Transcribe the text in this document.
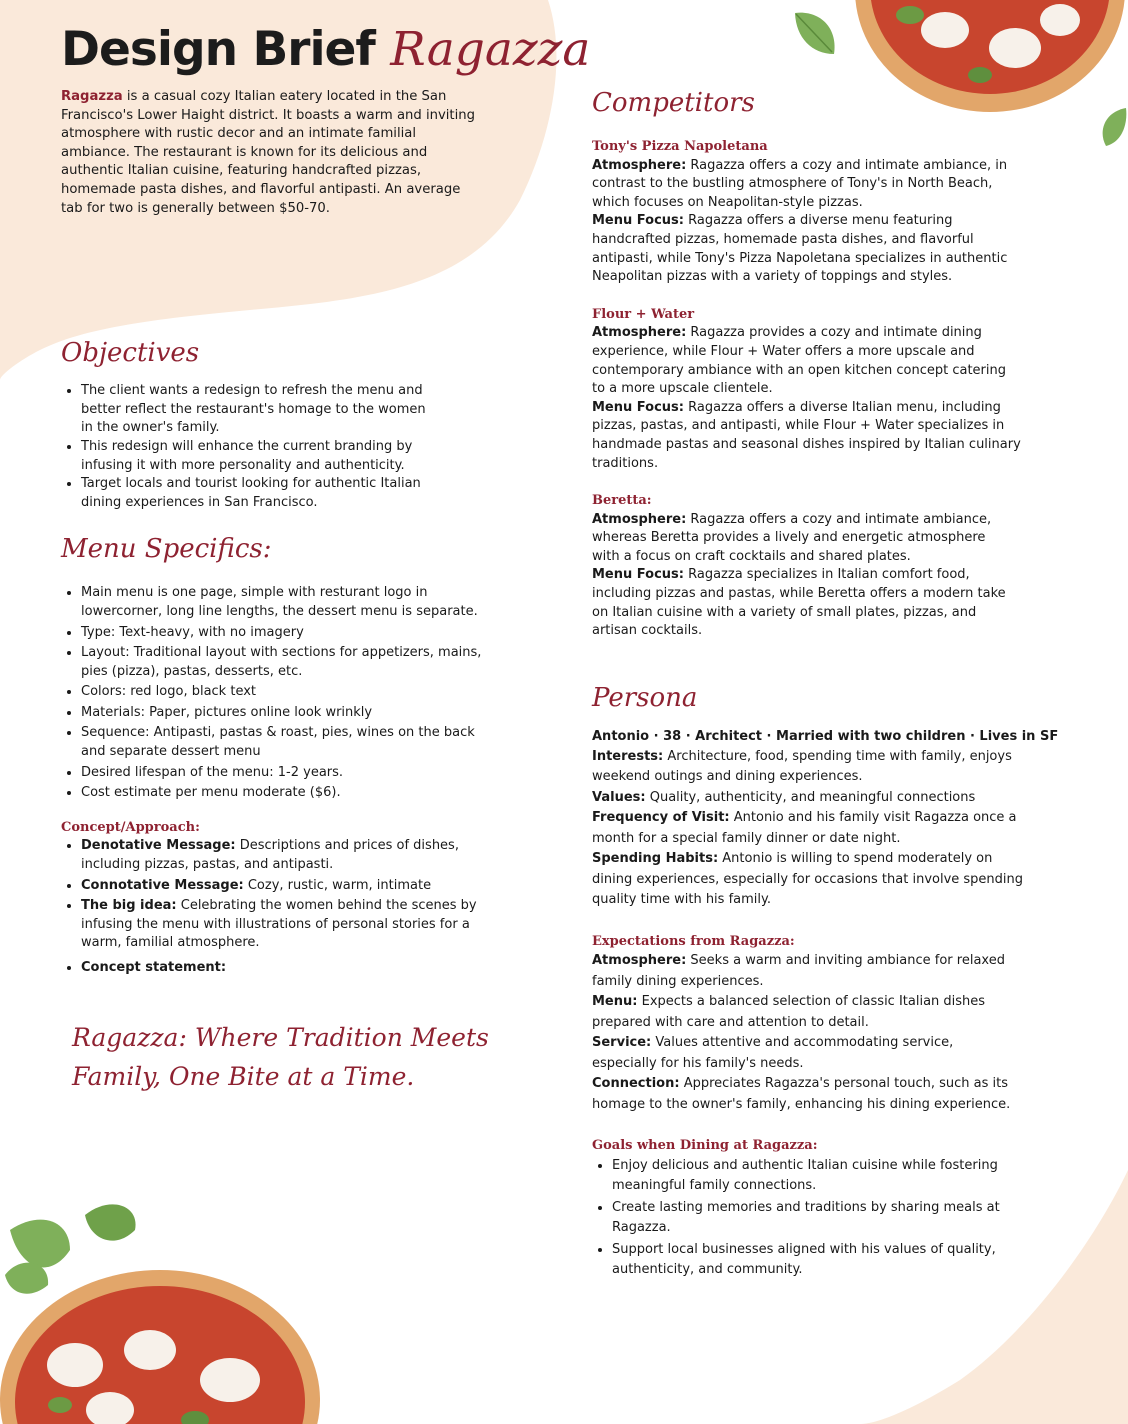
Design Brief Ragazza

Ragazza is a casual cozy Italian eatery located in the San Francisco's Lower Haight district. It boasts a warm and inviting atmosphere with rustic decor and an intimate familial ambiance. The restaurant is known for its delicious and authentic Italian cuisine, featuring handcrafted pizzas, homemade pasta dishes, and flavorful antipasti. An average tab for two is generally between $50-70.

Objectives
• The client wants a redesign to refresh the menu and better reflect the restaurant's homage to the women in the owner's family.
• This redesign will enhance the current branding by infusing it with more personality and authenticity.
• Target locals and tourist looking for authentic Italian dining experiences in San Francisco.
Menu Specifics:
• Main menu is one page, simple with resturant logo in lowercorner, long line lengths, the dessert menu is separate.
• Type: Text-heavy, with no imagery
• Layout: Traditional layout with sections for appetizers, mains, pies (pizza), pastas, desserts, etc.
• Colors: red logo, black text
• Materials: Paper, pictures online look wrinkly
• Sequence: Antipasti, pastas & roast, pies, wines on the back and separate dessert menu
• Desired lifespan of the menu: 1-2 years.
• Cost estimate per menu moderate ($6).

Concept/Approach:

• Denotative Message: Descriptions and prices of dishes, including pizzas, pastas, and antipasti.
• Connotative Message: Cozy, rustic, warm, intimate
• The big idea: Celebrating the women behind the scenes by infusing the menu with illustrations of personal stories for a warm, familial atmosphere.
• Concept statement:

Ragazza: Where Tradition Meets Family, One Bite at a Time.

Competitors

Tony's Pizza Napoletana

Atmosphere: Ragazza offers a cozy and intimate ambiance, in contrast to the bustling atmosphere of Tony's in North Beach, which focuses on Neapolitan-style pizzas.

Menu Focus: Ragazza offers a diverse menu featuring handcrafted pizzas, homemade pasta dishes, and flavorful antipasti, while Tony's Pizza Napoletana specializes in authentic Neapolitan pizzas with a variety of toppings and styles.

Flour + Water

Atmosphere: Ragazza provides a cozy and intimate dining experience, while Flour + Water offers a more upscale and contemporary ambiance with an open kitchen concept catering to a more upscale clientele.

Menu Focus: Ragazza offers a diverse Italian menu, including pizzas, pastas, and antipasti, while Flour + Water specializes in handmade pastas and seasonal dishes inspired by Italian culinary traditions.

Beretta:

Atmosphere: Ragazza offers a cozy and intimate ambiance, whereas Beretta provides a lively and energetic atmosphere with a focus on craft cocktails and shared plates.

Menu Focus: Ragazza specializes in Italian comfort food, including pizzas and pastas, while Beretta offers a modern take on Italian cuisine with a variety of small plates, pizzas, and artisan cocktails.

Persona

Antonio · 38 · Architect · Married with two children · Lives in SF

Interests: Architecture, food, spending time with family, enjoys weekend outings and dining experiences.

Values: Quality, authenticity, and meaningful connections

Frequency of Visit: Antonio and his family visit Ragazza once a month for a special family dinner or date night.

Spending Habits: Antonio is willing to spend moderately on dining experiences, especially for occasions that involve spending quality time with his family.

Expectations from Ragazza:

Atmosphere: Seeks a warm and inviting ambiance for relaxed family dining experiences.

Menu: Expects a balanced selection of classic Italian dishes prepared with care and attention to detail.

Service: Values attentive and accommodating service, especially for his family's needs.

Connection: Appreciates Ragazza's personal touch, such as its homage to the owner's family, enhancing his dining experience.

Goals when Dining at Ragazza:

• Enjoy delicious and authentic Italian cuisine while fostering meaningful family connections.
• Create lasting memories and traditions by sharing meals at Ragazza.
• Support local businesses aligned with his values of quality, authenticity, and community.
